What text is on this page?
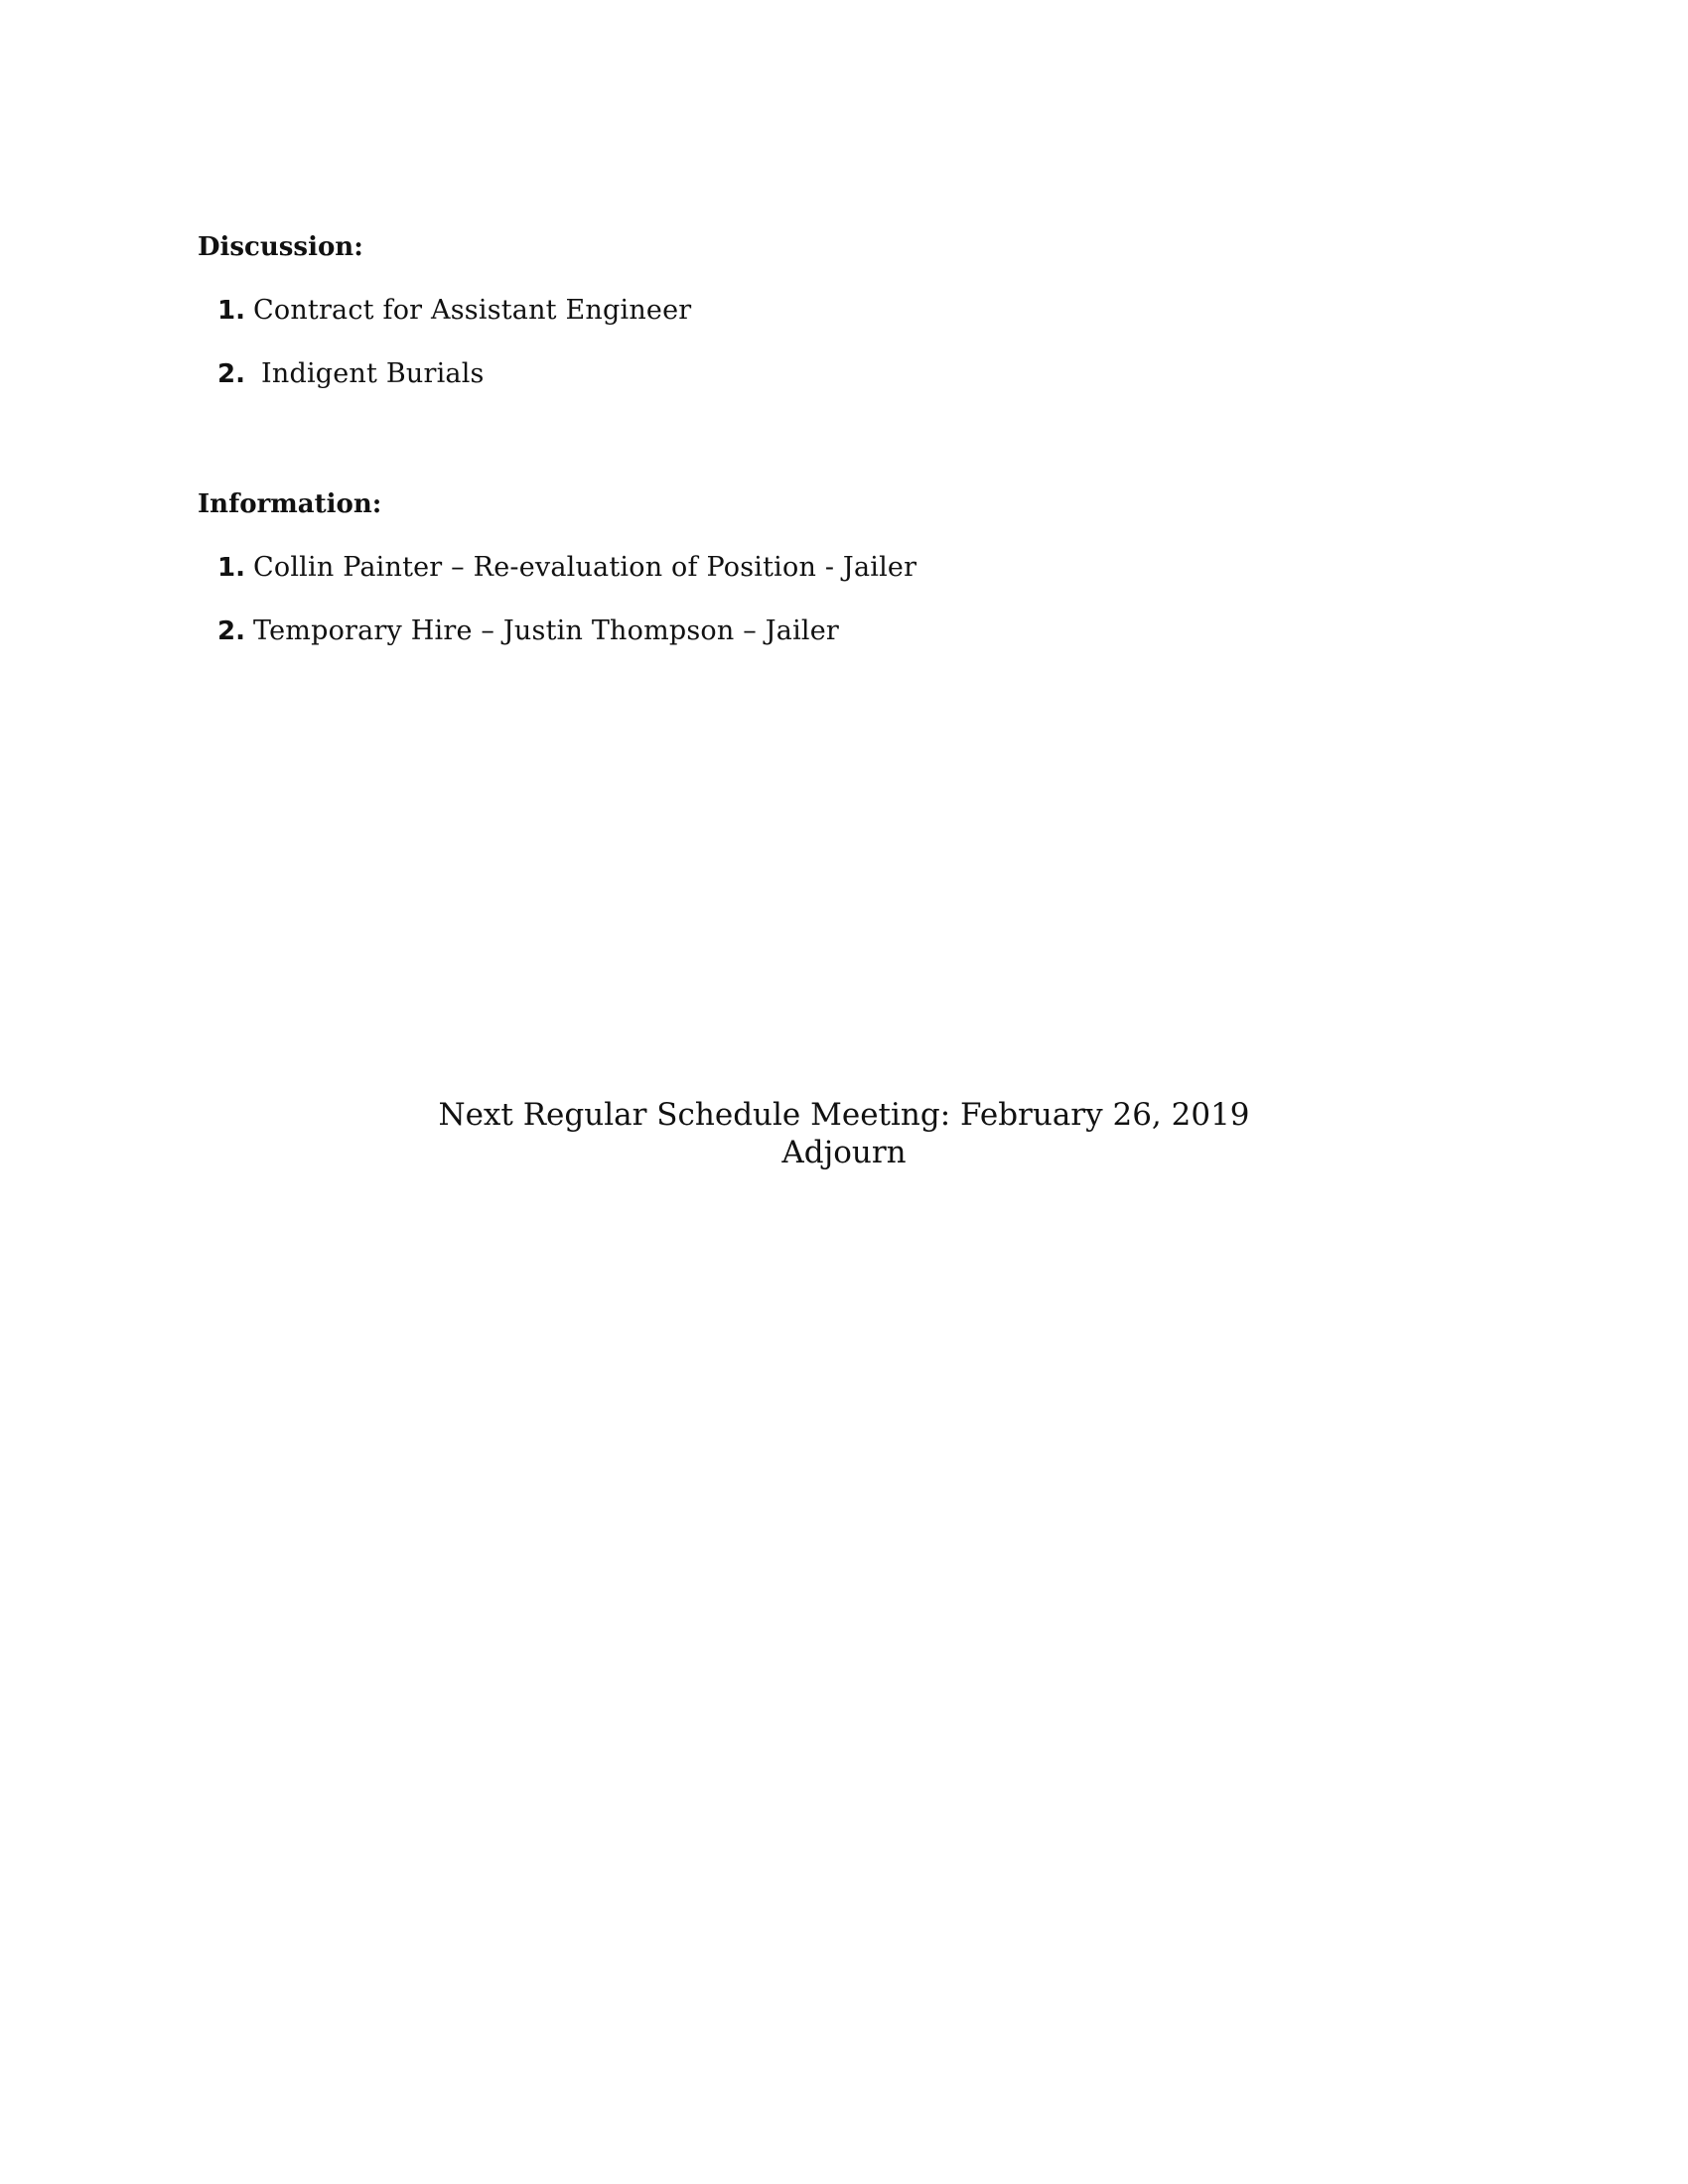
Discussion:
1. Contract for Assistant Engineer
2. Indigent Burials
Information:
1. Collin Painter – Re-evaluation of Position - Jailer
2. Temporary Hire – Justin Thompson – Jailer
Next Regular Schedule Meeting: February 26, 2019
Adjourn
